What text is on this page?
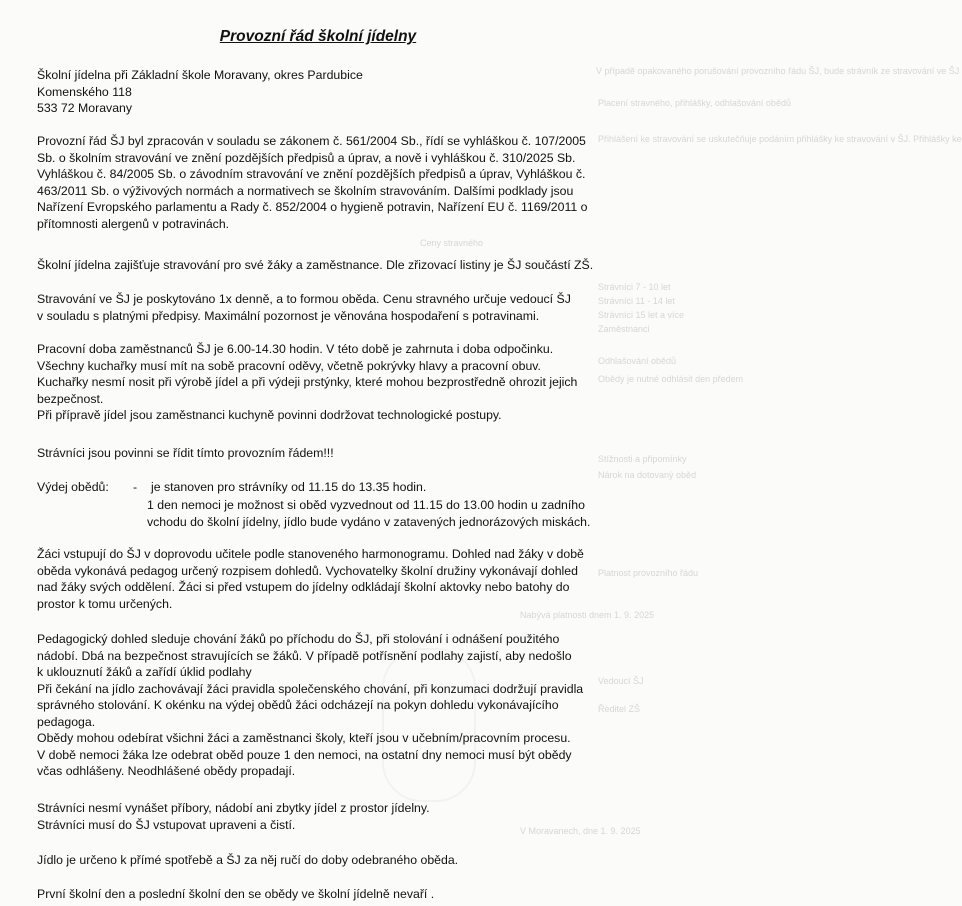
V případě opakovaného porušování provozního řádu ŠJ, bude strávník ze stravování ve ŠJ
Placení stravného, přihlášky, odhlašování obědů
Přihlášení ke stravování se uskutečňuje podáním přihlášky ke stravování v ŠJ. Přihlášky ke
Ceny stravného
Strávníci 7 - 10 let
Strávníci 11 - 14 let
Strávníci 15 let a více
Zaměstnanci
Odhlašování obědů
Obědy je nutné odhlásit den předem
Stížnosti a připomínky
Nárok na dotovaný oběd
Platnost provozního řádu
Nabývá platnosti dnem 1. 9. 2025
Vedoucí ŠJ
Ředitel ZŠ
V Moravanech, dne 1. 9. 2025
Provozní řád školní jídelny
Školní jídelna při Základní škole Moravany, okres Pardubice
Komenského 118
533 72 Moravany
Provozní řád ŠJ byl zpracován v souladu se zákonem č. 561/2004 Sb., řídí se vyhláškou č. 107/2005
Sb. o školním stravování ve znění pozdějších předpisů a úprav, a nově i vyhláškou č. 310/2025 Sb.
Vyhláškou č. 84/2005 Sb. o závodním stravování ve znění pozdějších předpisů a úprav, Vyhláškou č.
463/2011 Sb. o výživových normách a normativech se školním stravováním. Dalšími podklady jsou
Nařízení Evropského parlamentu a Rady č. 852/2004 o hygieně potravin, Nařízení EU č. 1169/2011 o
přítomnosti alergenů v potravinách.
Školní jídelna zajišťuje stravování pro své žáky a zaměstnance. Dle zřizovací listiny je ŠJ součástí ZŠ.
Stravování ve ŠJ je poskytováno 1x denně, a to formou oběda. Cenu stravného určuje vedoucí ŠJ
v souladu s platnými předpisy. Maximální pozornost je věnována hospodaření s potravinami.
Pracovní doba zaměstnanců ŠJ je 6.00-14.30 hodin. V této době je zahrnuta i doba odpočinku.
Všechny kuchařky musí mít na sobě pracovní oděvy, včetně pokrývky hlavy a pracovní obuv.
Kuchařky nesmí nosit při výrobě jídel a při výdeji prstýnky, které mohou bezprostředně ohrozit jejich
bezpečnost.
Při přípravě jídel jsou zaměstnanci kuchyně povinni dodržovat technologické postupy.
Strávníci jsou povinni se řídit tímto provozním řádem!!!
Výdej obědů: - je stanoven pro strávníky od 11.15 do 13.35 hodin.
1 den nemoci je možnost si oběd vyzvednout od 11.15 do 13.00 hodin u zadního
vchodu do školní jídelny, jídlo bude vydáno v zatavených jednorázových miskách.
Žáci vstupují do ŠJ v doprovodu učitele podle stanoveného harmonogramu. Dohled nad žáky v době
oběda vykonává pedagog určený rozpisem dohledů. Vychovatelky školní družiny vykonávají dohled
nad žáky svých oddělení. Žáci si před vstupem do jídelny odkládají školní aktovky nebo batohy do
prostor k tomu určených.
Pedagogický dohled sleduje chování žáků po příchodu do ŠJ, při stolování i odnášení použitého
nádobí. Dbá na bezpečnost stravujících se žáků. V případě potřísnění podlahy zajistí, aby nedošlo
k uklouznutí žáků a zařídí úklid podlahy
Při čekání na jídlo zachovávají žáci pravidla společenského chování, při konzumaci dodržují pravidla
správného stolování. K okénku na výdej obědů žáci odcházejí na pokyn dohledu vykonávajícího
pedagoga.
Obědy mohou odebírat všichni žáci a zaměstnanci školy, kteří jsou v učebním/pracovním procesu.
V době nemoci žáka lze odebrat oběd pouze 1 den nemoci, na ostatní dny nemoci musí být obědy
včas odhlášeny. Neodhlášené obědy propadají.
Strávníci nesmí vynášet příbory, nádobí ani zbytky jídel z prostor jídelny.
Strávníci musí do ŠJ vstupovat upraveni a čistí.
Jídlo je určeno k přímé spotřebě a ŠJ za něj ručí do doby odebraného oběda.
První školní den a poslední školní den se obědy ve školní jídelně nevaří .
